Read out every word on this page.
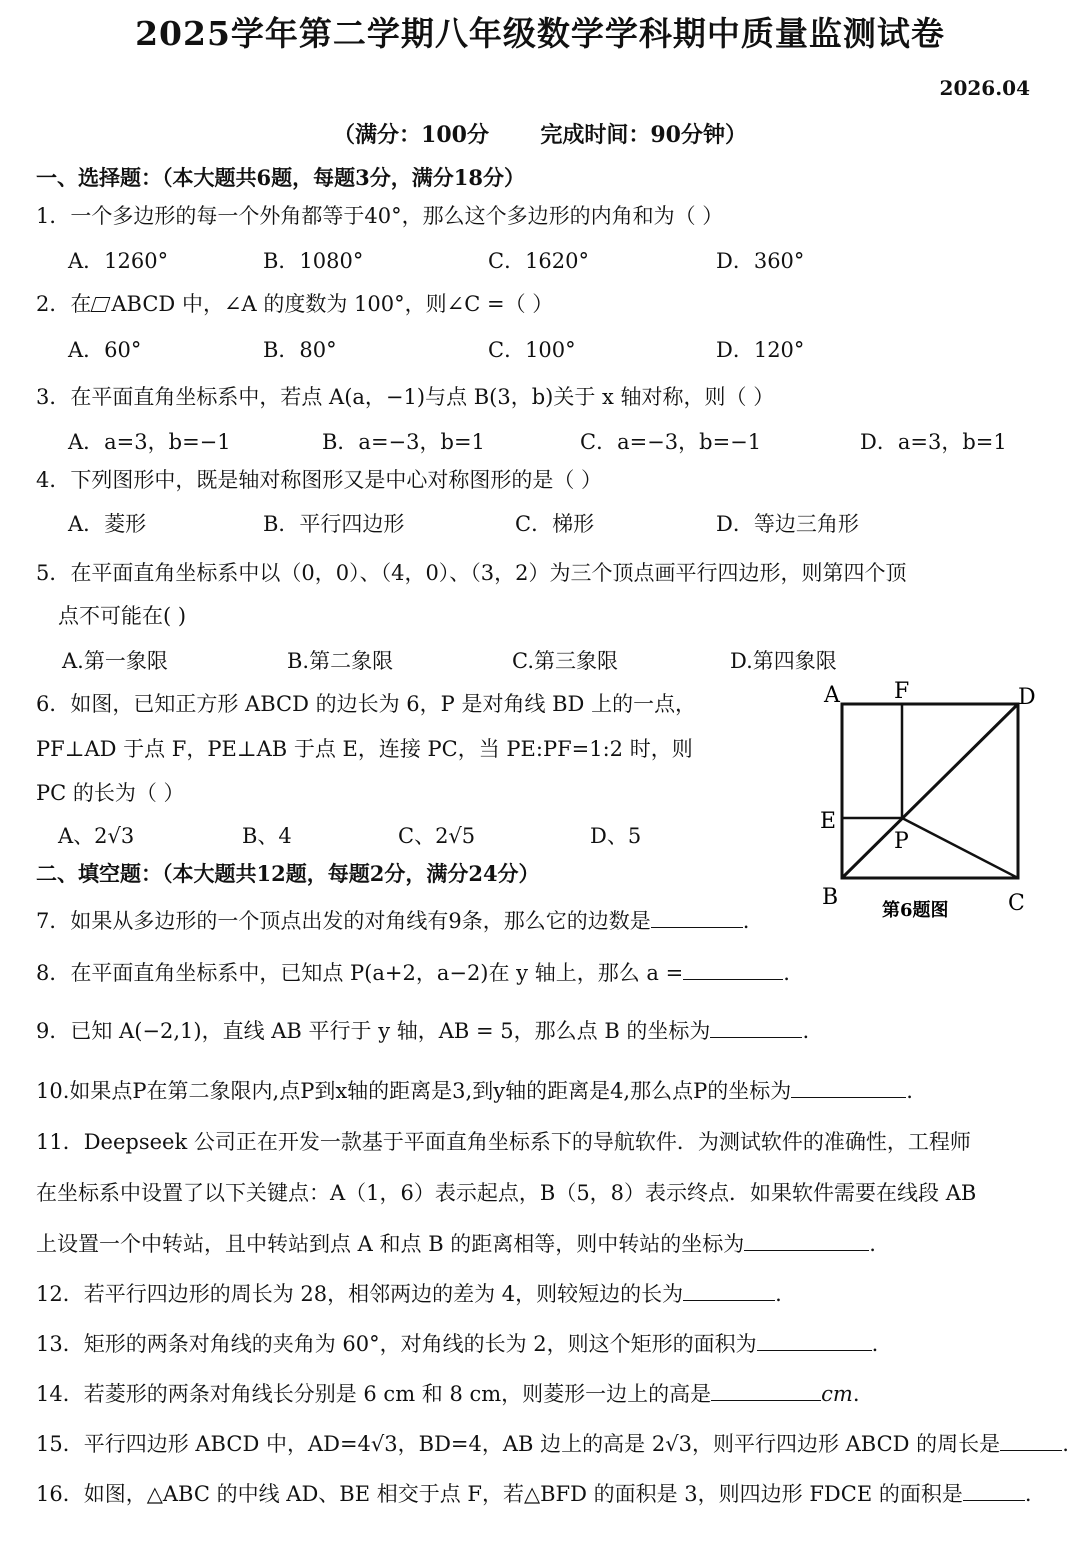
2025学年第二学期八年级数学学科期中质量监测试卷
2026.04
（满分：100分 完成时间：90分钟）
一、选择题：（本大题共6题，每题3分，满分18分）
1．一个多边形的每一个外角都等于40°，那么这个多边形的内角和为（ ）
A．1260°	B．1080°	C．1620°	D．360°
2．在 ABCD 中，∠A 的度数为 100°，则∠C =（ ）
A．60°	B．80°	C．100°	D．120°
3．在平面直角坐标系中，若点 A(a，−1)与点 B(3，b)关于 x 轴对称，则（ ）
A．a=3，b=−1	B．a=−3，b=1	C．a=−3，b=−1	D．a=3，b=1
4．下列图形中，既是轴对称图形又是中心对称图形的是（ ）
A．菱形	B．平行四边形	C．梯形	D．等边三角形
5．在平面直角坐标系中以（0，0）、（4，0）、（3，2）为三个顶点画平行四边形，则第四个顶
点不可能在( )
A.第一象限	B.第二象限	C.第三象限	D.第四象限
6．如图，已知正方形 ABCD 的边长为 6，P 是对角线 BD 上的一点，
PF⊥AD 于点 F，PE⊥AB 于点 E，连接 PC，当 PE:PF=1:2 时，则
PC 的长为（ ）
A、2√3	B、4	C、2√5	D、5
A F	D
E
P
B	C
第6题图
二、填空题：（本大题共12题，每题2分，满分24分）
7．如果从多边形的一个顶点出发的对角线有9条，那么它的边数是	.
8．在平面直角坐标系中，已知点 P(a+2，a−2)在 y 轴上，那么 a =	.
9．已知 A(−2,1)，直线 AB 平行于 y 轴，AB = 5，那么点 B 的坐标为	.
10.如果点P在第二象限内,点P到x轴的距离是3,到y轴的距离是4,那么点P的坐标为	.
11．Deepseek 公司正在开发一款基于平面直角坐标系下的导航软件．为测试软件的准确性，工程师
在坐标系中设置了以下关键点：A（1，6）表示起点，B（5，8）表示终点．如果软件需要在线段 AB
上设置一个中转站，且中转站到点 A 和点 B 的距离相等，则中转站的坐标为	.
12．若平行四边形的周长为 28，相邻两边的差为 4，则较短边的长为	.
13．矩形的两条对角线的夹角为 60°，对角线的长为 2，则这个矩形的面积为	.
14．若菱形的两条对角线长分别是 6 cm 和 8 cm，则菱形一边上的高是	cm.
15．平行四边形 ABCD 中，AD=4√3，BD=4，AB 边上的高是 2√3，则平行四边形 ABCD 的周长是	.
16．如图，△ABC 的中线 AD、BE 相交于点 F，若△BFD 的面积是 3，则四边形 FDCE 的面积是	.
